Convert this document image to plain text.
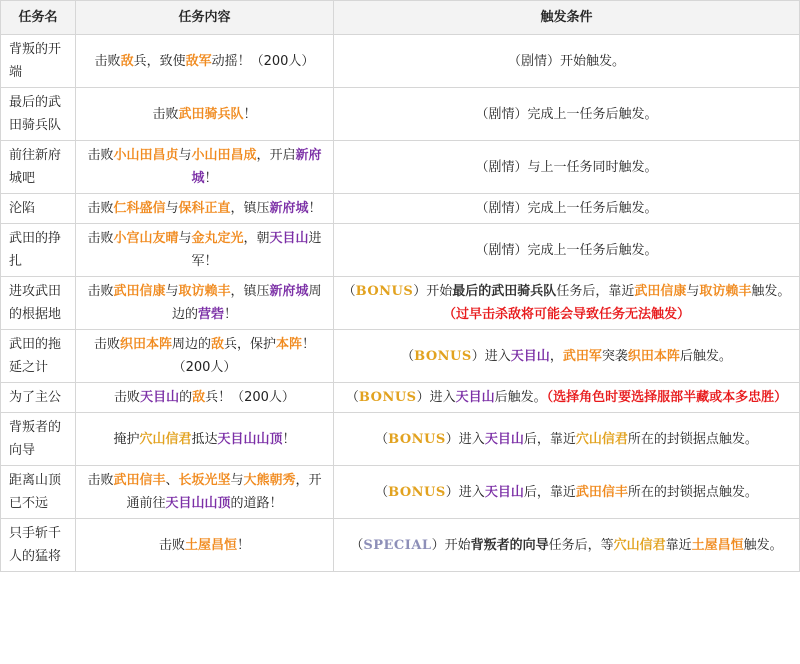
任务名	任务内容	触发条件
背叛的开端	击败敌兵，致使敌军动摇！（200人）	（剧情）开始触发。
最后的武田骑兵队	击败武田骑兵队！	（剧情）完成上一任务后触发。
前往新府城吧	击败小山田昌贞与小山田昌成，开启新府城！	（剧情）与上一任务同时触发。
沦陷	击败仁科盛信与保科正直，镇压新府城！	（剧情）完成上一任务后触发。
武田的挣扎	击败小宫山友晴与金丸定光，朝天目山进军！	（剧情）完成上一任务后触发。
进攻武田的根据地	击败武田信康与取访赖丰，镇压新府城周边的营砦！	（BONUS）开始最后的武田骑兵队任务后，靠近武田信康与取访赖丰触发。（过早击杀敌将可能会导致任务无法触发）
武田的拖延之计	击败织田本阵周边的敌兵，保护本阵！（200人）	（BONUS）进入天目山，武田军突袭织田本阵后触发。
为了主公	击败天目山的敌兵！（200人）	（BONUS）进入天目山后触发。（选择角色时要选择服部半藏或本多忠胜）
背叛者的向导	掩护穴山信君抵达天目山山顶！	（BONUS）进入天目山后，靠近穴山信君所在的封锁据点触发。
距离山顶已不远	击败武田信丰、长坂光坚与大熊朝秀，开通前往天目山山顶的道路！	（BONUS）进入天目山后，靠近武田信丰所在的封锁据点触发。
只手斩千人的猛将	击败土屋昌恒！	（SPECIAL）开始背叛者的向导任务后，等穴山信君靠近土屋昌恒触发。
